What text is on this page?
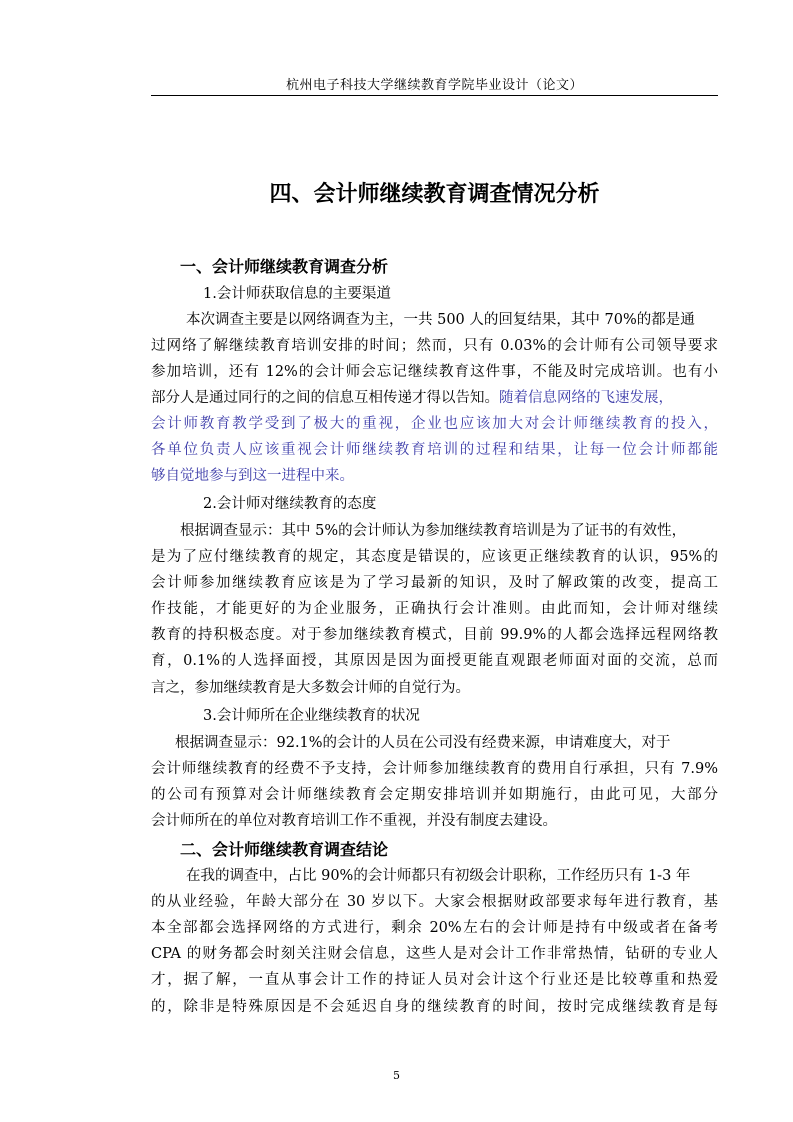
杭州电子科技大学继续教育学院毕业设计（论文）
四、会计师继续教育调查情况分析
一、会计师继续教育调查分析
1.会计师获取信息的主要渠道
本次调查主要是以网络调查为主，一共 500 人的回复结果，其中 70%的都是通
过网络了解继续教育培训安排的时间；然而，只有 0.03%的会计师有公司领导要求
参加培训，还有 12%的会计师会忘记继续教育这件事，不能及时完成培训。也有小
部分人是通过同行的之间的信息互相传递才得以告知。随着信息网络的飞速发展，
会计师教育教学受到了极大的重视，企业也应该加大对会计师继续教育的投入，
各单位负责人应该重视会计师继续教育培训的过程和结果，让每一位会计师都能
够自觉地参与到这一进程中来。
2.会计师对继续教育的态度
根据调查显示：其中 5%的会计师认为参加继续教育培训是为了证书的有效性，
是为了应付继续教育的规定，其态度是错误的，应该更正继续教育的认识，95%的
会计师参加继续教育应该是为了学习最新的知识，及时了解政策的改变，提高工
作技能，才能更好的为企业服务，正确执行会计准则。由此而知，会计师对继续
教育的持积极态度。对于参加继续教育模式，目前 99.9%的人都会选择远程网络教
育，0.1%的人选择面授，其原因是因为面授更能直观跟老师面对面的交流，总而
言之，参加继续教育是大多数会计师的自觉行为。
3.会计师所在企业继续教育的状况
根据调查显示：92.1%的会计的人员在公司没有经费来源，申请难度大，对于
会计师继续教育的经费不予支持，会计师参加继续教育的费用自行承担，只有 7.9%
的公司有预算对会计师继续教育会定期安排培训并如期施行，由此可见，大部分
会计师所在的单位对教育培训工作不重视，并没有制度去建设。
二、会计师继续教育调查结论
在我的调查中，占比 90%的会计师都只有初级会计职称，工作经历只有 1-3 年
的从业经验，年龄大部分在 30 岁以下。大家会根据财政部要求每年进行教育，基
本全部都会选择网络的方式进行，剩余 20%左右的会计师是持有中级或者在备考
CPA 的财务都会时刻关注财会信息，这些人是对会计工作非常热情，钻研的专业人
才，据了解，一直从事会计工作的持证人员对会计这个行业还是比较尊重和热爱
的，除非是特殊原因是不会延迟自身的继续教育的时间，按时完成继续教育是每
5
